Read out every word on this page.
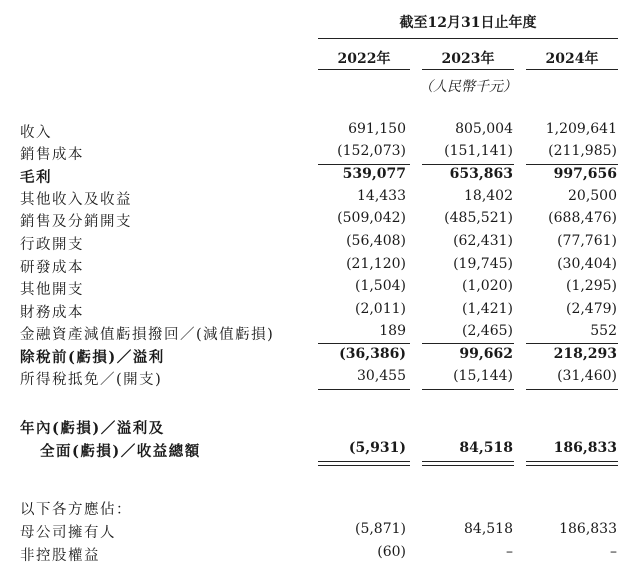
截至12月31日止年度
2022年	2023年	2024年
（人民幣千元）
收入	691,150	805,004	1,209,641
銷售成本	(152,073)	(151,141)	(211,985)
毛利	539,077	653,863	997,656
其他收入及收益	14,433	18,402	20,500
銷售及分銷開支	(509,042)	(485,521)	(688,476)
行政開支	(56,408)	(62,431)	(77,761)
研發成本	(21,120)	(19,745)	(30,404)
其他開支	(1,504)	(1,020)	(1,295)
財務成本	(2,011)	(1,421)	(2,479)
金融資產減值虧損撥回／(減值虧損)	189	(2,465)	552
除稅前(虧損)／溢利	(36,386)	99,662	218,293
所得稅抵免／(開支)	30,455	(15,144)	(31,460)
年內(虧損)／溢利及
全面(虧損)／收益總額	(5,931)	84,518	186,833
以下各方應佔：
母公司擁有人	(5,871)	84,518	186,833
非控股權益	(60)	–	–
